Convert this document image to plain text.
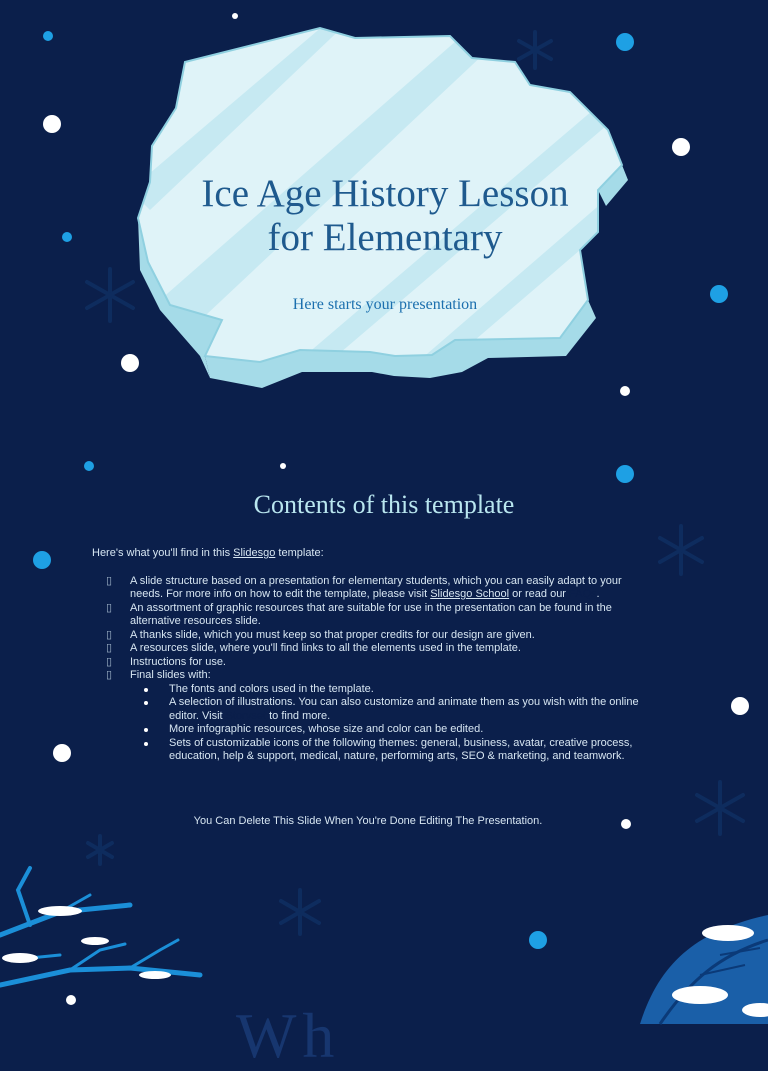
Ice Age History Lesson
for Elementary

Here starts your presentation

Contents of this template

Here's what you'll find in this Slidesgo template:

▯ A slide structure based on a presentation for elementary students, which you can easily adapt to your needs. For more info on how to edit the template, please visit Slidesgo School or read our FAQs.
▯ An assortment of graphic resources that are suitable for use in the presentation can be found in the alternative resources slide.
▯ A thanks slide, which you must keep so that proper credits for our design are given.
▯ A resources slide, where you'll find links to all the elements used in the template.
▯ Instructions for use.
▯ Final slides with:
The fonts and colors used in the template.
A selection of illustrations. You can also customize and animate them as you wish with the online editor. Visit Storyset to find more.
More infographic resources, whose size and color can be edited.
Sets of customizable icons of the following themes: general, business, avatar, creative process, education, help & support, medical, nature, performing arts, SEO & marketing, and teamwork.

You Can Delete This Slide When You're Done Editing The Presentation.

Wh
